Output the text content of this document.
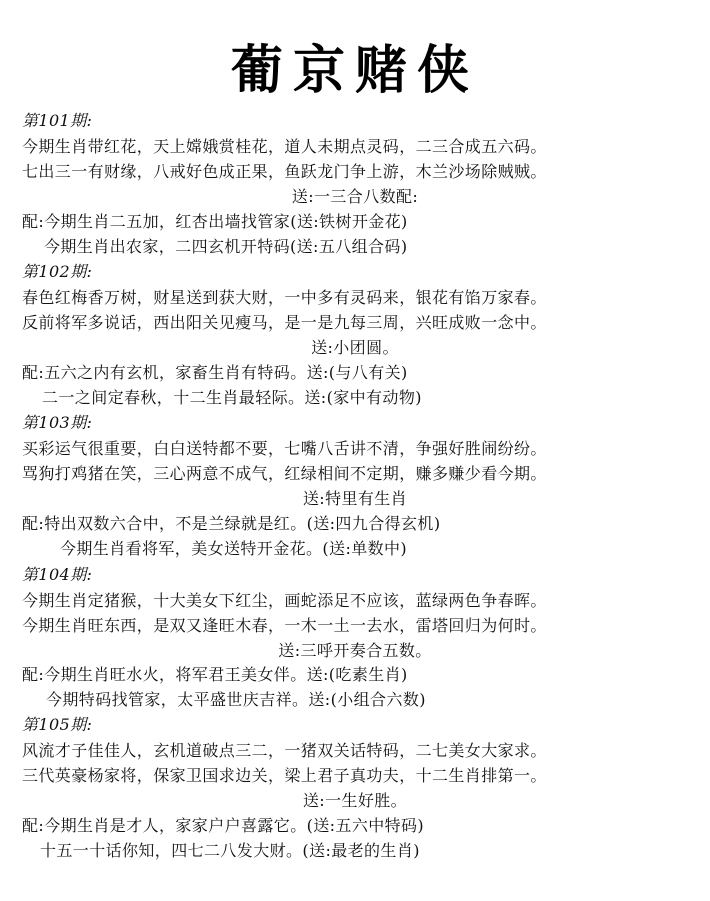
葡京赌侠
第101期:
今期生肖带红花，天上嫦娥赏桂花，道人未期点灵码，二三合成五六码。
七出三一有财缘，八戒好色成正果，鱼跃龙门争上游，木兰沙场除贼贼。
送:一三合八数配:
配:今期生肖二五加，红杏出墙找管家(送:铁树开金花)
今期生肖出农家，二四玄机开特码(送:五八组合码)
第102期:
春色红梅香万树，财星送到获大财，一中多有灵码来，银花有馅万家春。
反前将军多说话，西出阳关见瘦马，是一是九每三周，兴旺成败一念中。
送:小团圆。
配:五六之内有玄机，家畜生肖有特码。送:(与八有关)
二一之间定春秋，十二生肖最轻际。送:(家中有动物)
第103期:
买彩运气很重要，白白送特都不要，七嘴八舌讲不清，争强好胜闹纷纷。
骂狗打鸡猪在笑，三心两意不成气，红绿相间不定期，赚多赚少看今期。
送:特里有生肖
配:特出双数六合中，不是兰绿就是红。(送:四九合得玄机)
今期生肖看将军，美女送特开金花。(送:单数中)
第104期:
今期生肖定猪猴，十大美女下红尘，画蛇添足不应该，蓝绿两色争春晖。
今期生肖旺东西，是双又逢旺木春，一木一土一去水，雷塔回归为何时。
送:三呼开奏合五数。
配:今期生肖旺水火，将军君王美女伴。送:(吃素生肖)
今期特码找管家，太平盛世庆吉祥。送:(小组合六数)
第105期:
风流才子佳佳人，玄机道破点三二，一猪双关话特码，二七美女大家求。
三代英豪杨家将，保家卫国求边关，梁上君子真功夫，十二生肖排第一。
送:一生好胜。
配:今期生肖是才人，家家户户喜露它。(送:五六中特码)
十五一十话你知，四七二八发大财。(送:最老的生肖)
